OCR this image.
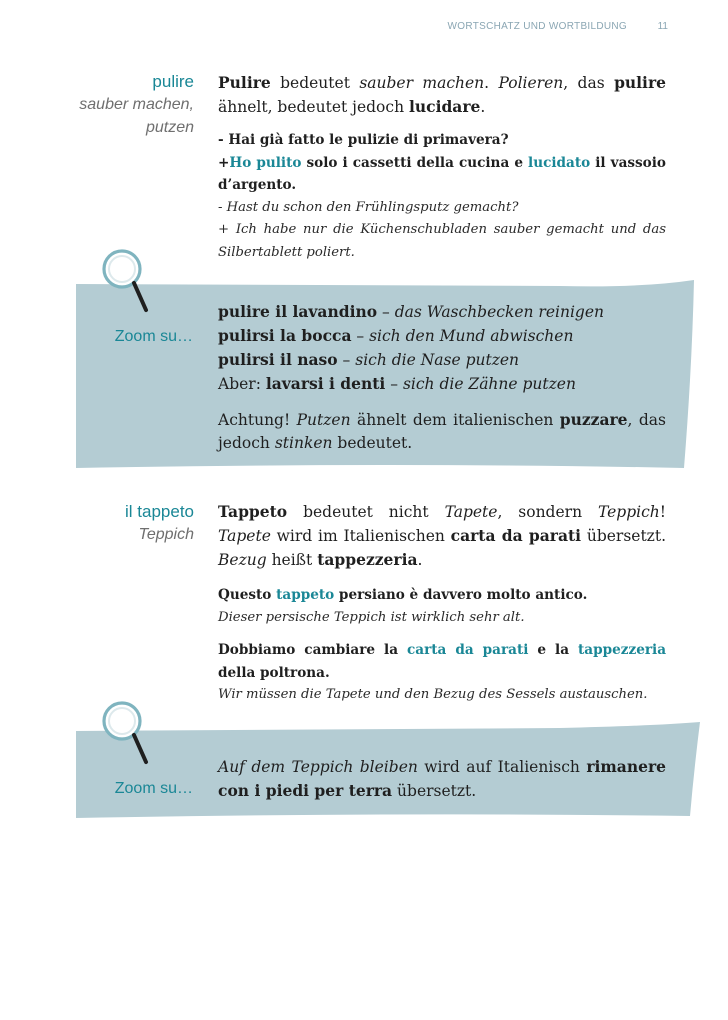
WORTSCHATZ UND WORTBILDUNG	11
pulire
sauber machen,
putzen
Pulire bedeutet sauber machen. Polieren, das pulire ähnelt, bedeutet jedoch lucidare.
- Hai già fatto le pulizie di primavera?
+Ho pulito solo i cassetti della cucina e lucidato il vassoio d’argento.
- Hast du schon den Frühlingsputz gemacht?
+ Ich habe nur die Küchenschubladen sauber gemacht und das Silbertablett poliert.
Zoom su…
pulire il lavandino – das Waschbecken reinigen
pulirsi la bocca – sich den Mund abwischen
pulirsi il naso – sich die Nase putzen
Aber: lavarsi i denti – sich die Zähne putzen
Achtung! Putzen ähnelt dem italienischen puzzare, das jedoch stinken bedeutet.
il tappeto
Teppich
Tappeto bedeutet nicht Tapete, sondern Teppich! Tapete wird im Italienischen carta da parati übersetzt. Bezug heißt tappezzeria.
Questo tappeto persiano è davvero molto antico.
Dieser persische Teppich ist wirklich sehr alt.
Dobbiamo cambiare la carta da parati e la tappezzeria della poltrona.
Wir müssen die Tapete und den Bezug des Sessels austauschen.
Zoom su…
Auf dem Teppich bleiben wird auf Italienisch rimanere con i piedi per terra übersetzt.
